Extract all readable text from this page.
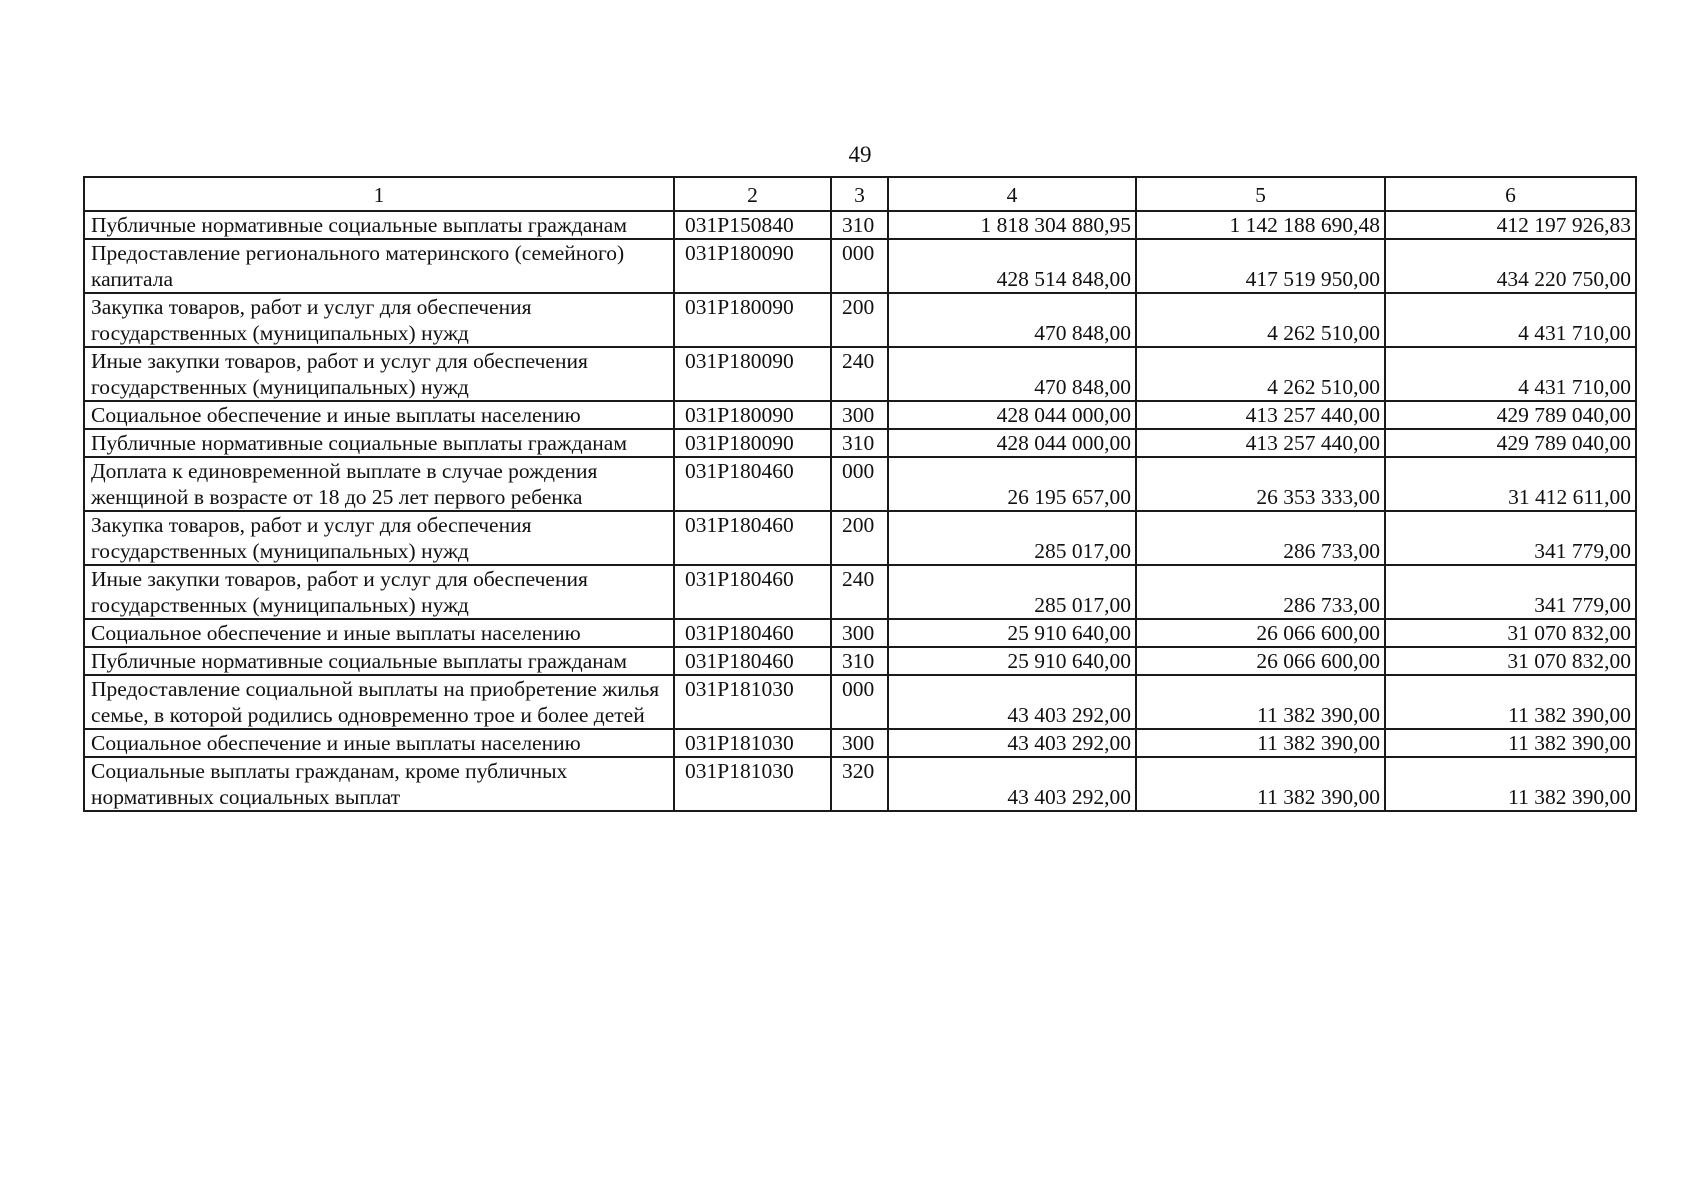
49
1	2	3	4	5	6
Публичные нормативные социальные выплаты гражданам	031P150840	310	1 818 304 880,95	1 142 188 690,48	412 197 926,83
Предоставление регионального материнского (семейного) капитала	031P180090	000	428 514 848,00	417 519 950,00	434 220 750,00
Закупка товаров, работ и услуг для обеспечения государственных (муниципальных) нужд	031P180090	200	470 848,00	4 262 510,00	4 431 710,00
Иные закупки товаров, работ и услуг для обеспечения государственных (муниципальных) нужд	031P180090	240	470 848,00	4 262 510,00	4 431 710,00
Социальное обеспечение и иные выплаты населению	031P180090	300	428 044 000,00	413 257 440,00	429 789 040,00
Публичные нормативные социальные выплаты гражданам	031P180090	310	428 044 000,00	413 257 440,00	429 789 040,00
Доплата к единовременной выплате в случае рождения женщиной в возрасте от 18 до 25 лет первого ребенка	031P180460	000	26 195 657,00	26 353 333,00	31 412 611,00
Закупка товаров, работ и услуг для обеспечения государственных (муниципальных) нужд	031P180460	200	285 017,00	286 733,00	341 779,00
Иные закупки товаров, работ и услуг для обеспечения государственных (муниципальных) нужд	031P180460	240	285 017,00	286 733,00	341 779,00
Социальное обеспечение и иные выплаты населению	031P180460	300	25 910 640,00	26 066 600,00	31 070 832,00
Публичные нормативные социальные выплаты гражданам	031P180460	310	25 910 640,00	26 066 600,00	31 070 832,00
Предоставление социальной выплаты на приобретение жилья семье, в которой родились одновременно трое и более детей	031P181030	000	43 403 292,00	11 382 390,00	11 382 390,00
Социальное обеспечение и иные выплаты населению	031P181030	300	43 403 292,00	11 382 390,00	11 382 390,00
Социальные выплаты гражданам, кроме публичных нормативных социальных выплат	031P181030	320	43 403 292,00	11 382 390,00	11 382 390,00
